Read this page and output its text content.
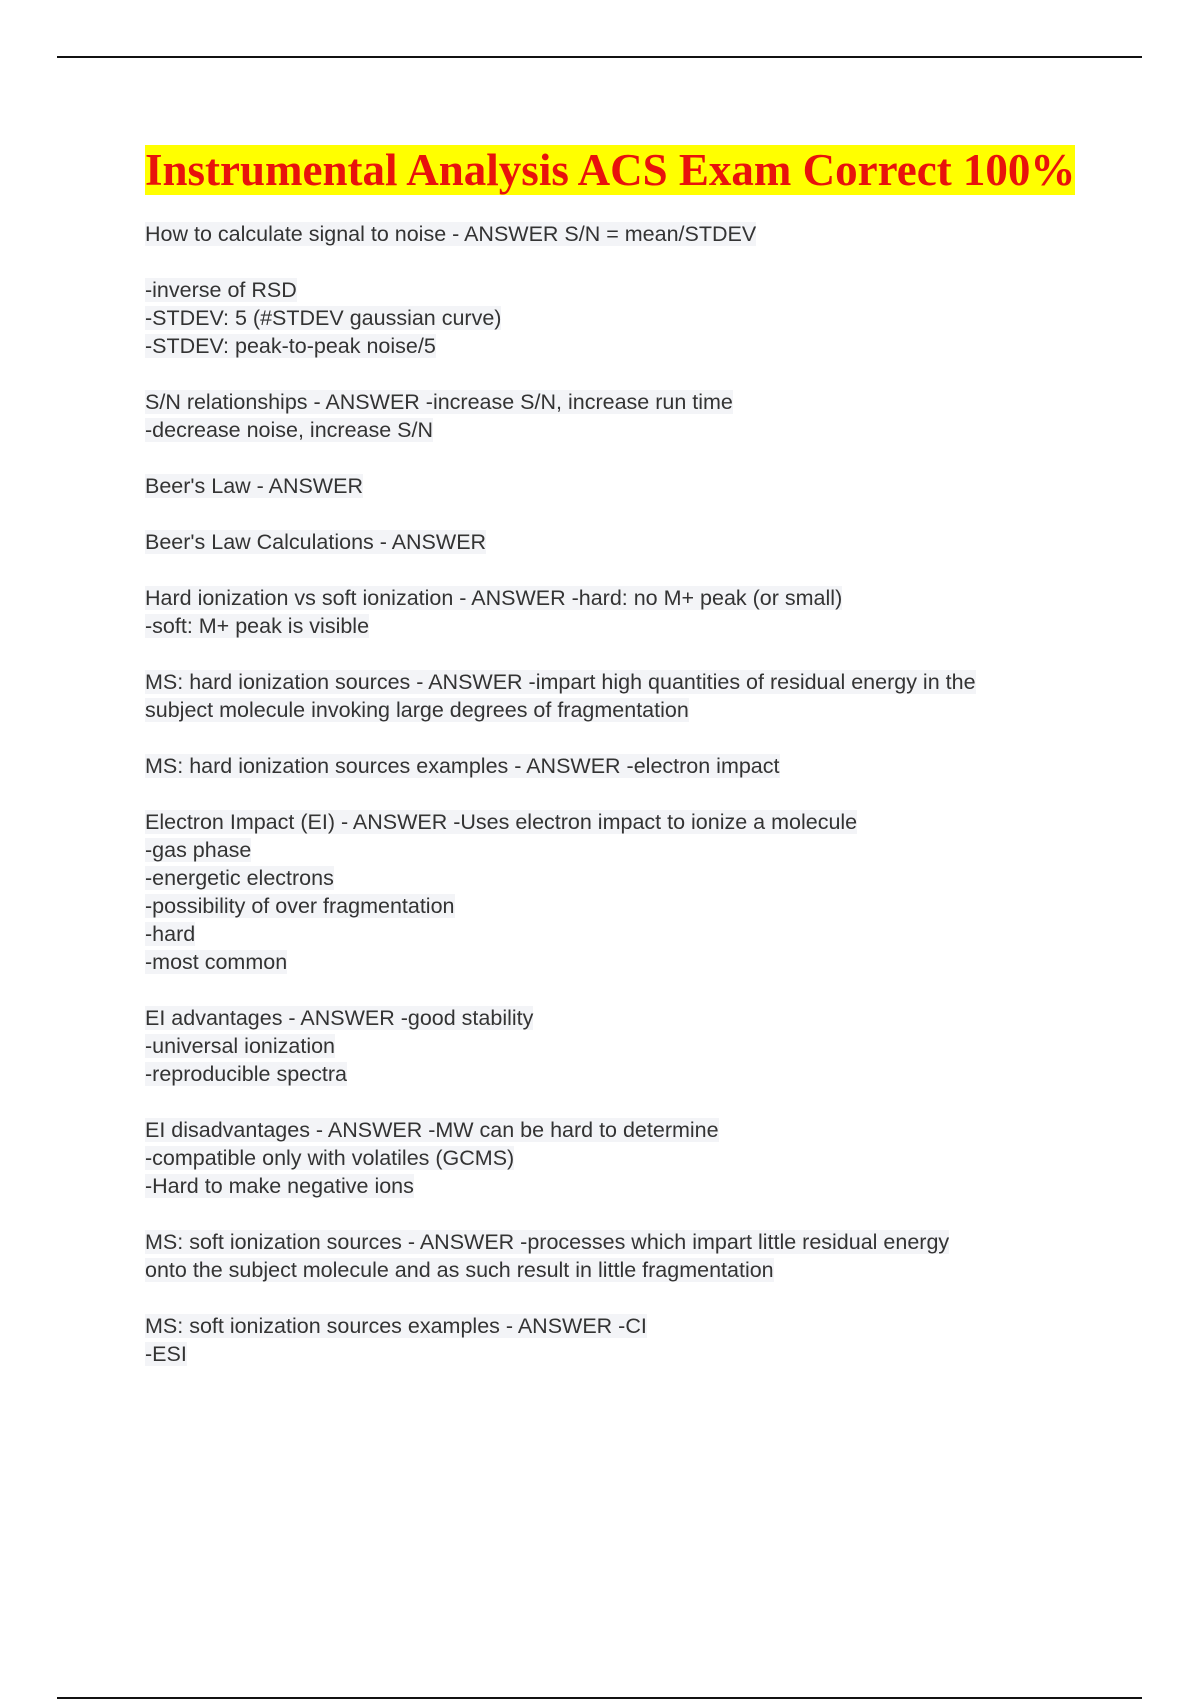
Instrumental Analysis ACS Exam Correct 100%
How to calculate signal to noise - ANSWER S/N = mean/STDEV
-inverse of RSD
-STDEV: 5 (#STDEV gaussian curve)
-STDEV: peak-to-peak noise/5
S/N relationships - ANSWER -increase S/N, increase run time
-decrease noise, increase S/N
Beer's Law - ANSWER
Beer's Law Calculations - ANSWER
Hard ionization vs soft ionization - ANSWER -hard: no M+ peak (or small)
-soft: M+ peak is visible
MS: hard ionization sources - ANSWER -impart high quantities of residual energy in the
subject molecule invoking large degrees of fragmentation
MS: hard ionization sources examples - ANSWER -electron impact
Electron Impact (EI) - ANSWER -Uses electron impact to ionize a molecule
-gas phase
-energetic electrons
-possibility of over fragmentation
-hard
-most common
EI advantages - ANSWER -good stability
-universal ionization
-reproducible spectra
EI disadvantages - ANSWER -MW can be hard to determine
-compatible only with volatiles (GCMS)
-Hard to make negative ions
MS: soft ionization sources - ANSWER -processes which impart little residual energy
onto the subject molecule and as such result in little fragmentation
MS: soft ionization sources examples - ANSWER -CI
-ESI
